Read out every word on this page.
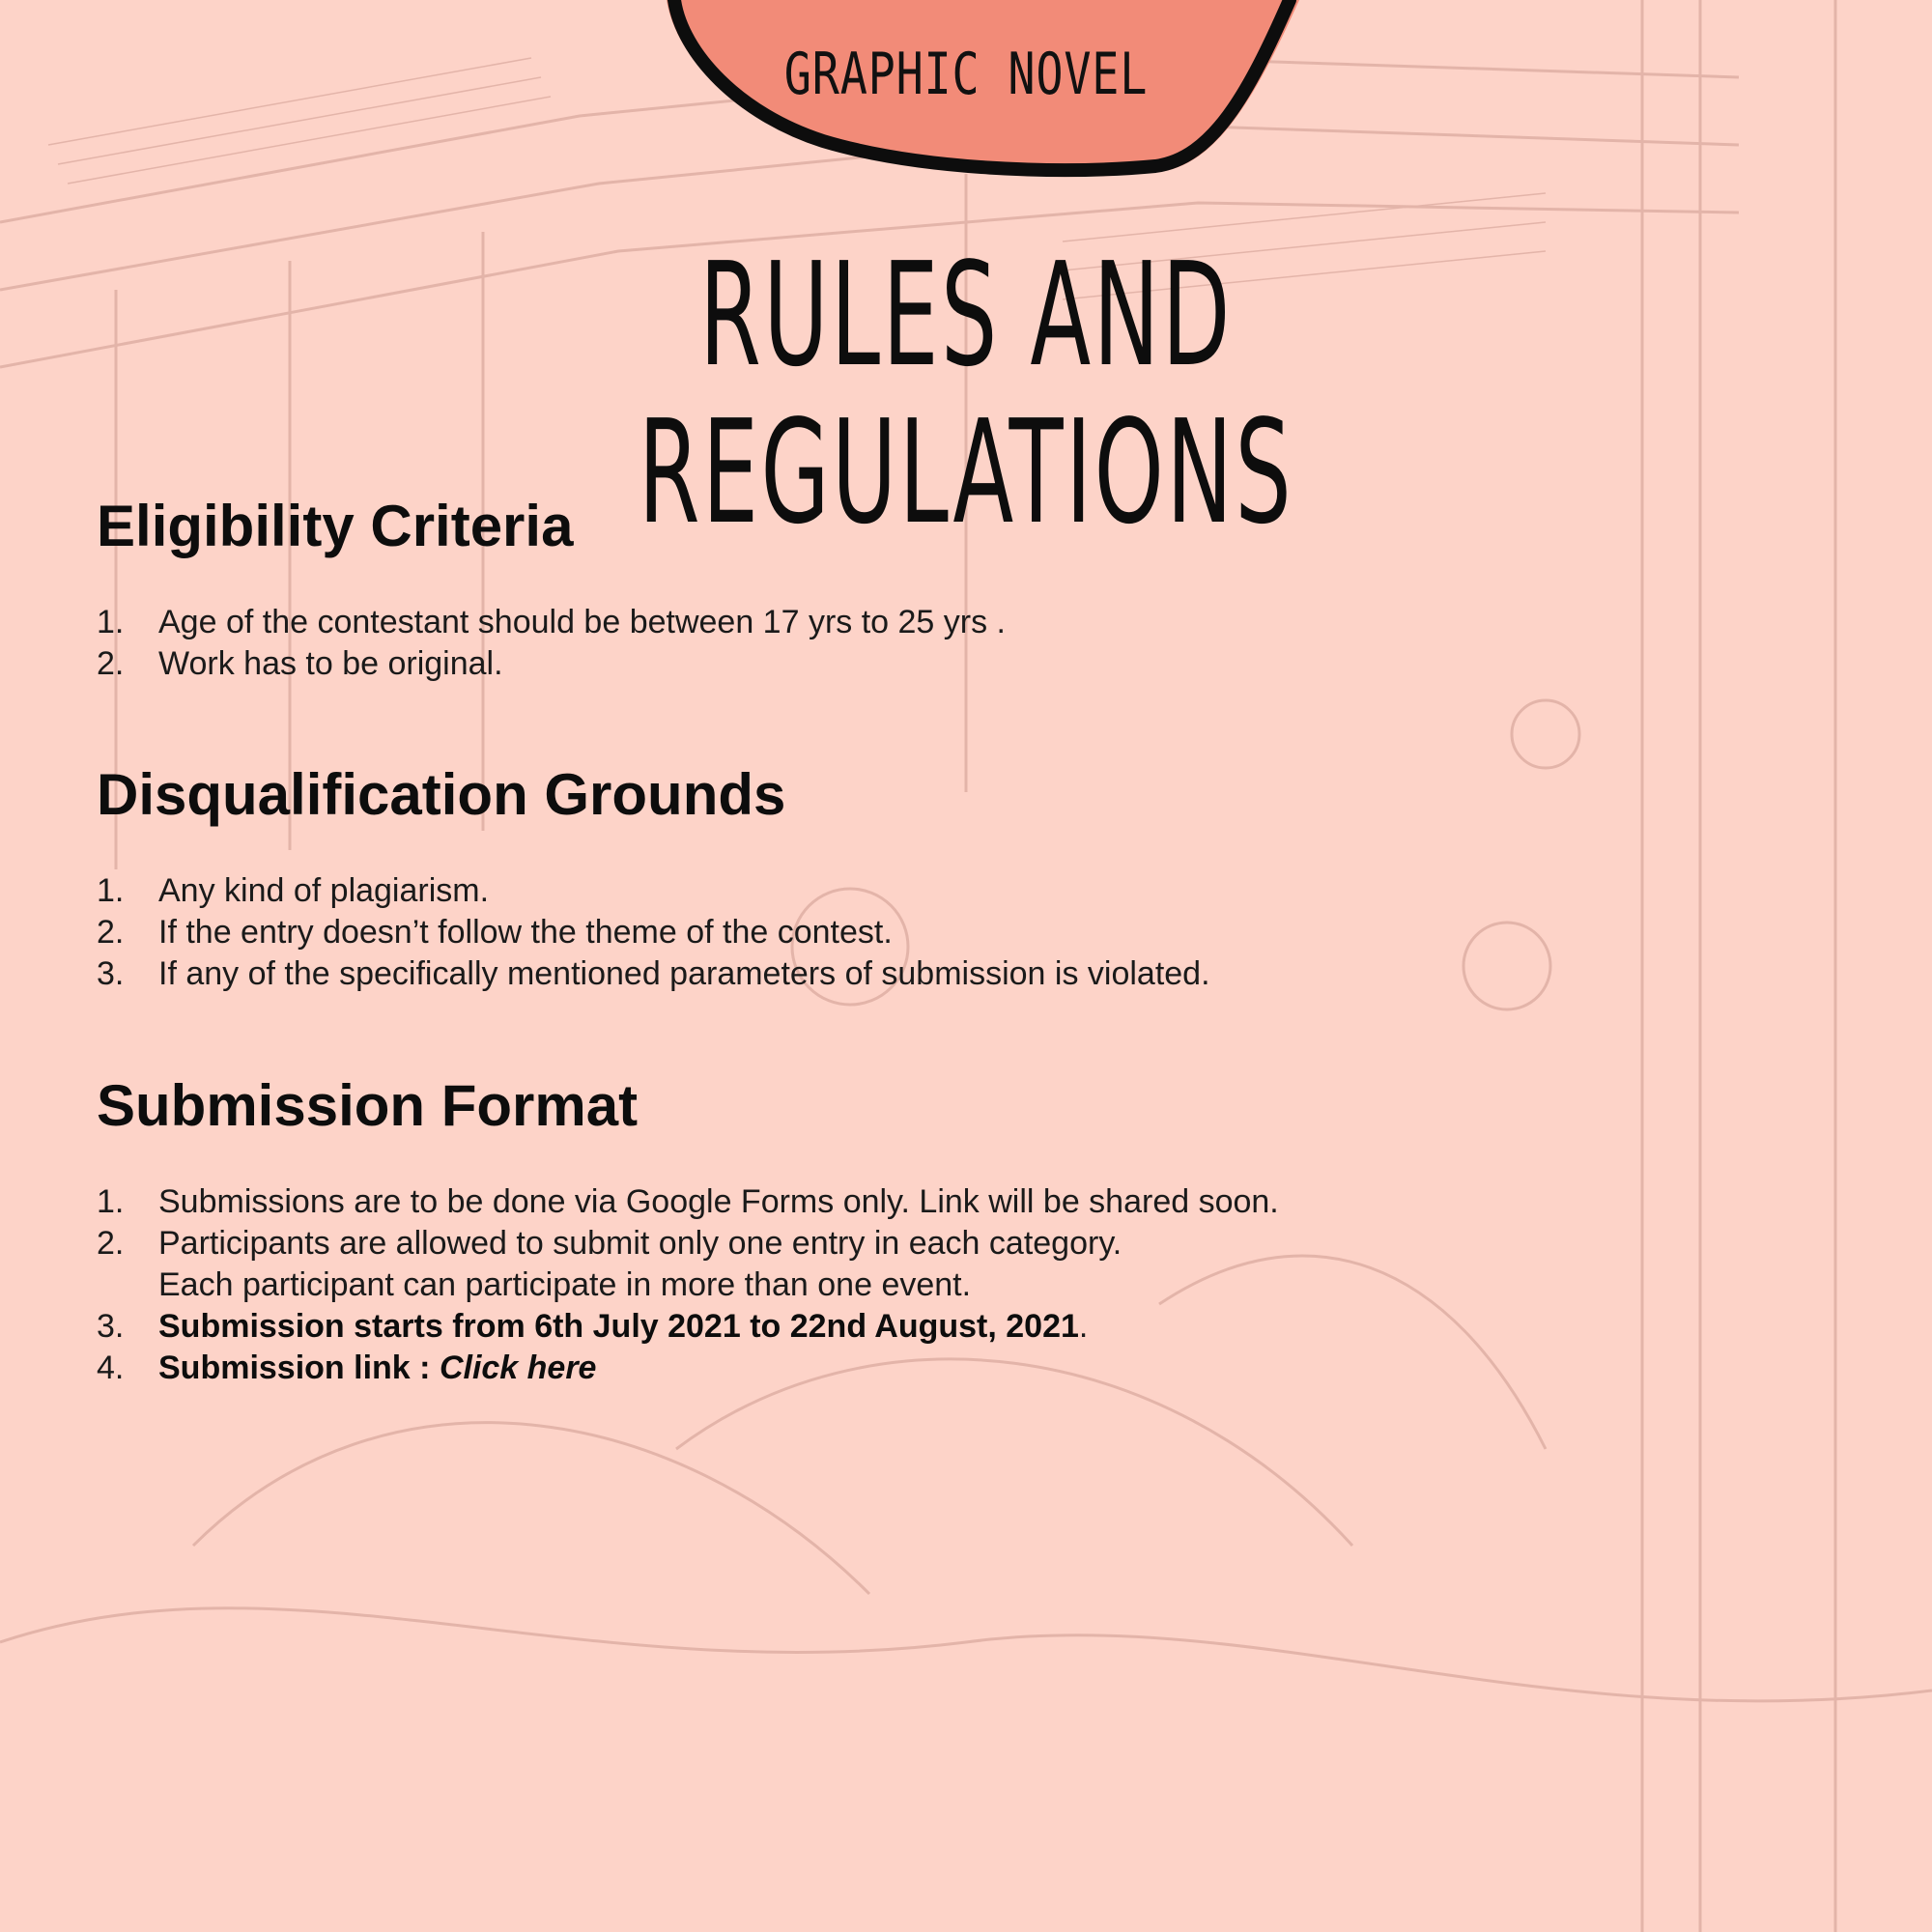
GRAPHIC NOVEL
RULES AND REGULATIONS
Eligibility Criteria
1.	Age of the contestant should be between 17 yrs to 25 yrs .
2.	Work has to be original.
Disqualification Grounds
1.	Any kind of plagiarism.
2.	If the entry doesn’t follow the theme of the contest.
3.	If any of the specifically mentioned parameters of submission is violated.
Submission Format
1.	Submissions are to be done via Google Forms only. Link will be shared soon.
2.	Participants are allowed to submit only one entry in each category.
Each participant can participate in more than one event.
3.	Submission starts from 6th July 2021 to 22nd August, 2021.
4.	Submission link : Click here
